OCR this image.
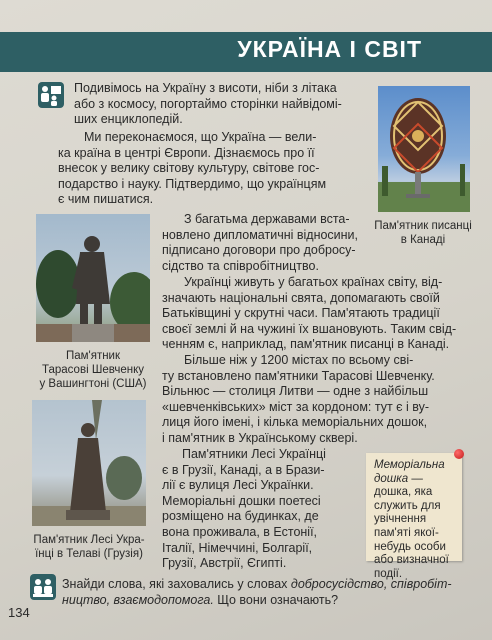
УКРАЇНА І СВІТ

Подивімось на Україну з висоти, ніби з літака

або з космосу, погортаймо сторінки найвідомі-

ших енциклопедій.

Ми переконаємося, що Україна — вели-

ка країна в центрі Європи. Дізнаємось про її

внесок у велику світову культуру, світове гос-

подарство і науку. Підтвердимо, що українцям

є чим пишатися.

Пам'ятник писанці

в Канаді

Пам'ятник

Тарасові Шевченку

у Вашингтоні (США)

З багатьма державами вста-

новлено дипломатичні відносини,

підписано договори про добросу-

сідство та співробітництво.

Українці живуть у багатьох країнах світу, від-

значають національні свята, допомагають своїй

Батьківщині у скрутні часи. Пам'ятають традиції

своєї землі й на чужині їх вшановують. Таким свід-

ченням є, наприклад, пам'ятник писанці в Канаді.

Більше ніж у 1200 містах по всьому сві-

ту встановлено пам'ятники Тарасові Шевченку.

Вільнюс — столиця Литви — одне з найбільш

«шевченківських» міст за кордоном: тут є і ву-

лиця його імені, і кілька меморіальних дошок,

і пам'ятник в Українському сквері.

Пам'ятник Лесі Укра-

їнці в Телаві (Грузія)

Пам'ятники Лесі Українці

є в Грузії, Канаді, а в Брази-

лії є вулиця Лесі Українки.

Меморіальні дошки поетесі

розміщено на будинках, де

вона проживала, в Естонії,

Італії, Німеччині, Болгарії,

Грузії, Австрії, Єгипті.

Меморіальна дошка — дошка, яка служить для увічнення пам'яті якої-небудь особи або визначної події.

Знайди слова, які заховались у словах добросусідство, співробіт-ництво, взаємодопомога. Що вони означають?

134
